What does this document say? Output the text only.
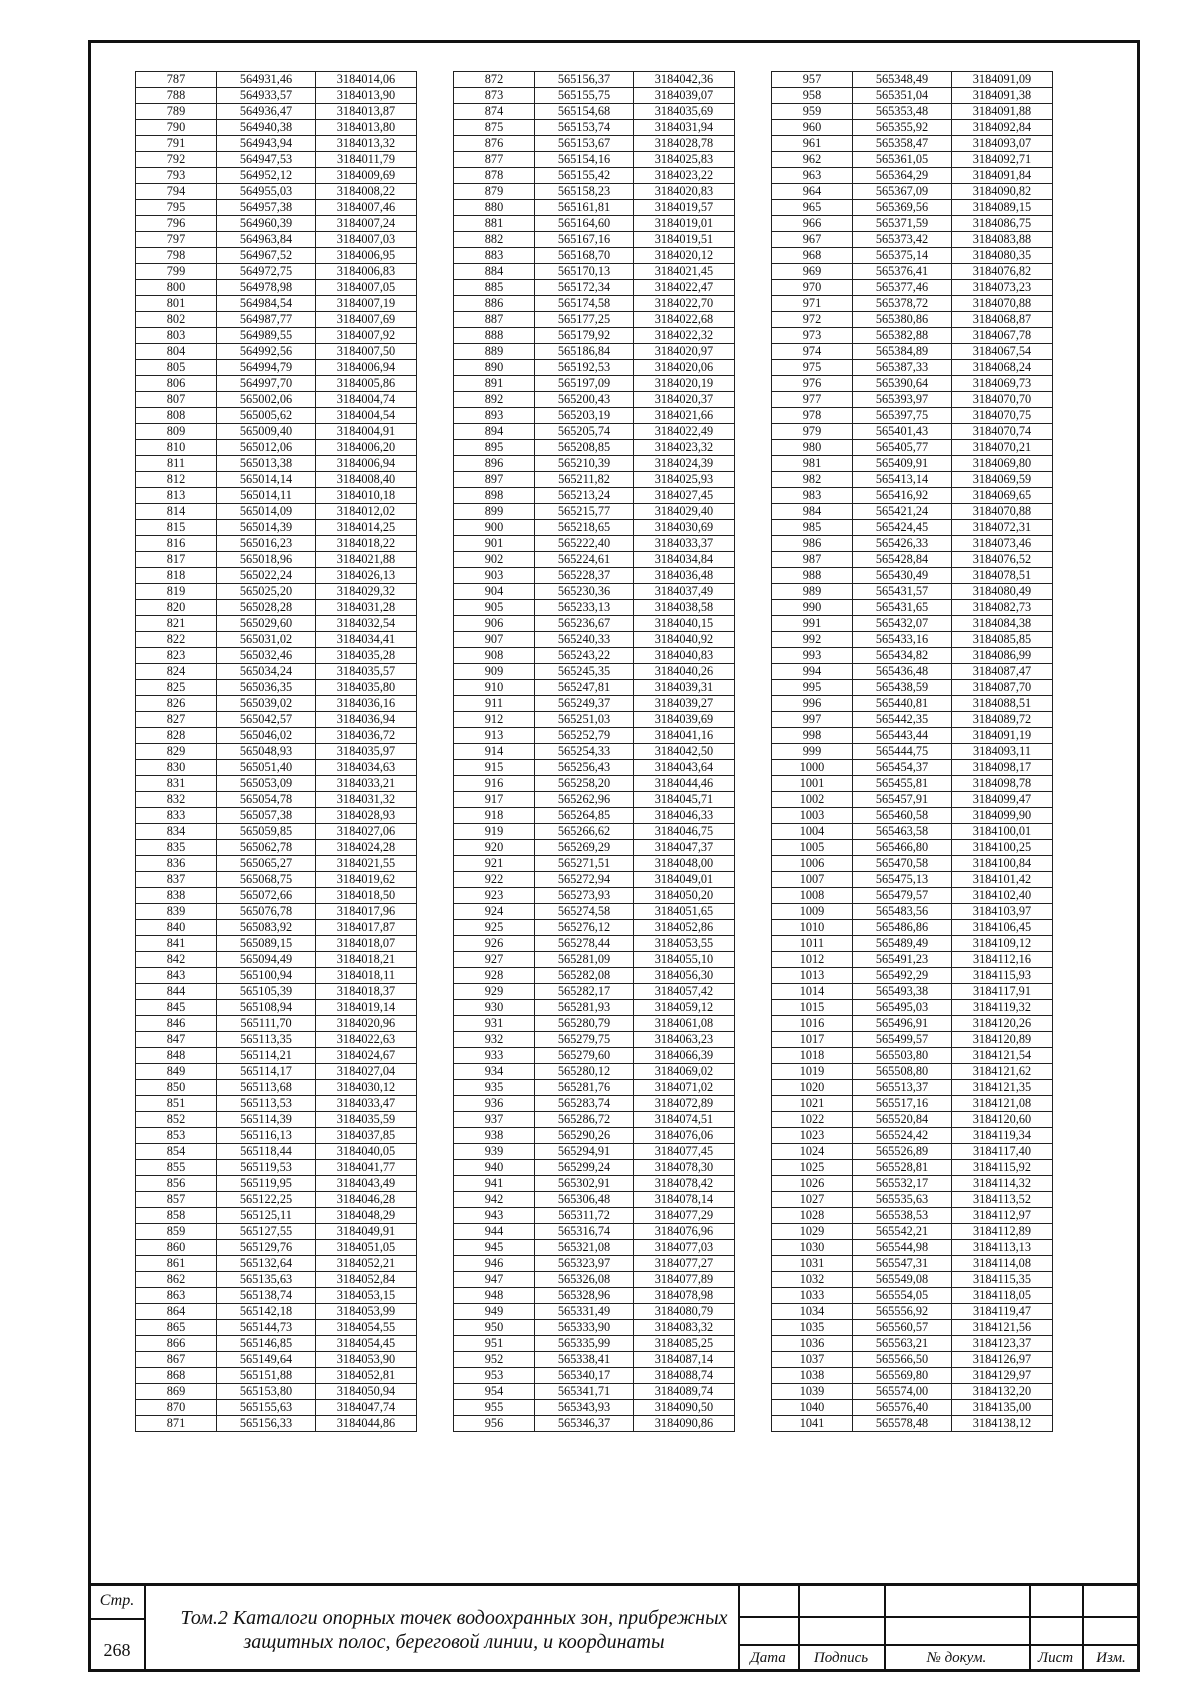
787	564931,46	3184014,06
788	564933,57	3184013,90
789	564936,47	3184013,87
790	564940,38	3184013,80
791	564943,94	3184013,32
792	564947,53	3184011,79
793	564952,12	3184009,69
794	564955,03	3184008,22
795	564957,38	3184007,46
796	564960,39	3184007,24
797	564963,84	3184007,03
798	564967,52	3184006,95
799	564972,75	3184006,83
800	564978,98	3184007,05
801	564984,54	3184007,19
802	564987,77	3184007,69
803	564989,55	3184007,92
804	564992,56	3184007,50
805	564994,79	3184006,94
806	564997,70	3184005,86
807	565002,06	3184004,74
808	565005,62	3184004,54
809	565009,40	3184004,91
810	565012,06	3184006,20
811	565013,38	3184006,94
812	565014,14	3184008,40
813	565014,11	3184010,18
814	565014,09	3184012,02
815	565014,39	3184014,25
816	565016,23	3184018,22
817	565018,96	3184021,88
818	565022,24	3184026,13
819	565025,20	3184029,32
820	565028,28	3184031,28
821	565029,60	3184032,54
822	565031,02	3184034,41
823	565032,46	3184035,28
824	565034,24	3184035,57
825	565036,35	3184035,80
826	565039,02	3184036,16
827	565042,57	3184036,94
828	565046,02	3184036,72
829	565048,93	3184035,97
830	565051,40	3184034,63
831	565053,09	3184033,21
832	565054,78	3184031,32
833	565057,38	3184028,93
834	565059,85	3184027,06
835	565062,78	3184024,28
836	565065,27	3184021,55
837	565068,75	3184019,62
838	565072,66	3184018,50
839	565076,78	3184017,96
840	565083,92	3184017,87
841	565089,15	3184018,07
842	565094,49	3184018,21
843	565100,94	3184018,11
844	565105,39	3184018,37
845	565108,94	3184019,14
846	565111,70	3184020,96
847	565113,35	3184022,63
848	565114,21	3184024,67
849	565114,17	3184027,04
850	565113,68	3184030,12
851	565113,53	3184033,47
852	565114,39	3184035,59
853	565116,13	3184037,85
854	565118,44	3184040,05
855	565119,53	3184041,77
856	565119,95	3184043,49
857	565122,25	3184046,28
858	565125,11	3184048,29
859	565127,55	3184049,91
860	565129,76	3184051,05
861	565132,64	3184052,21
862	565135,63	3184052,84
863	565138,74	3184053,15
864	565142,18	3184053,99
865	565144,73	3184054,55
866	565146,85	3184054,45
867	565149,64	3184053,90
868	565151,88	3184052,81
869	565153,80	3184050,94
870	565155,63	3184047,74
871	565156,33	3184044,86
872	565156,37	3184042,36
873	565155,75	3184039,07
874	565154,68	3184035,69
875	565153,74	3184031,94
876	565153,67	3184028,78
877	565154,16	3184025,83
878	565155,42	3184023,22
879	565158,23	3184020,83
880	565161,81	3184019,57
881	565164,60	3184019,01
882	565167,16	3184019,51
883	565168,70	3184020,12
884	565170,13	3184021,45
885	565172,34	3184022,47
886	565174,58	3184022,70
887	565177,25	3184022,68
888	565179,92	3184022,32
889	565186,84	3184020,97
890	565192,53	3184020,06
891	565197,09	3184020,19
892	565200,43	3184020,37
893	565203,19	3184021,66
894	565205,74	3184022,49
895	565208,85	3184023,32
896	565210,39	3184024,39
897	565211,82	3184025,93
898	565213,24	3184027,45
899	565215,77	3184029,40
900	565218,65	3184030,69
901	565222,40	3184033,37
902	565224,61	3184034,84
903	565228,37	3184036,48
904	565230,36	3184037,49
905	565233,13	3184038,58
906	565236,67	3184040,15
907	565240,33	3184040,92
908	565243,22	3184040,83
909	565245,35	3184040,26
910	565247,81	3184039,31
911	565249,37	3184039,27
912	565251,03	3184039,69
913	565252,79	3184041,16
914	565254,33	3184042,50
915	565256,43	3184043,64
916	565258,20	3184044,46
917	565262,96	3184045,71
918	565264,85	3184046,33
919	565266,62	3184046,75
920	565269,29	3184047,37
921	565271,51	3184048,00
922	565272,94	3184049,01
923	565273,93	3184050,20
924	565274,58	3184051,65
925	565276,12	3184052,86
926	565278,44	3184053,55
927	565281,09	3184055,10
928	565282,08	3184056,30
929	565282,17	3184057,42
930	565281,93	3184059,12
931	565280,79	3184061,08
932	565279,75	3184063,23
933	565279,60	3184066,39
934	565280,12	3184069,02
935	565281,76	3184071,02
936	565283,74	3184072,89
937	565286,72	3184074,51
938	565290,26	3184076,06
939	565294,91	3184077,45
940	565299,24	3184078,30
941	565302,91	3184078,42
942	565306,48	3184078,14
943	565311,72	3184077,29
944	565316,74	3184076,96
945	565321,08	3184077,03
946	565323,97	3184077,27
947	565326,08	3184077,89
948	565328,96	3184078,98
949	565331,49	3184080,79
950	565333,90	3184083,32
951	565335,99	3184085,25
952	565338,41	3184087,14
953	565340,17	3184088,74
954	565341,71	3184089,74
955	565343,93	3184090,50
956	565346,37	3184090,86
957	565348,49	3184091,09
958	565351,04	3184091,38
959	565353,48	3184091,88
960	565355,92	3184092,84
961	565358,47	3184093,07
962	565361,05	3184092,71
963	565364,29	3184091,84
964	565367,09	3184090,82
965	565369,56	3184089,15
966	565371,59	3184086,75
967	565373,42	3184083,88
968	565375,14	3184080,35
969	565376,41	3184076,82
970	565377,46	3184073,23
971	565378,72	3184070,88
972	565380,86	3184068,87
973	565382,88	3184067,78
974	565384,89	3184067,54
975	565387,33	3184068,24
976	565390,64	3184069,73
977	565393,97	3184070,70
978	565397,75	3184070,75
979	565401,43	3184070,74
980	565405,77	3184070,21
981	565409,91	3184069,80
982	565413,14	3184069,59
983	565416,92	3184069,65
984	565421,24	3184070,88
985	565424,45	3184072,31
986	565426,33	3184073,46
987	565428,84	3184076,52
988	565430,49	3184078,51
989	565431,57	3184080,49
990	565431,65	3184082,73
991	565432,07	3184084,38
992	565433,16	3184085,85
993	565434,82	3184086,99
994	565436,48	3184087,47
995	565438,59	3184087,70
996	565440,81	3184088,51
997	565442,35	3184089,72
998	565443,44	3184091,19
999	565444,75	3184093,11
1000	565454,37	3184098,17
1001	565455,81	3184098,78
1002	565457,91	3184099,47
1003	565460,58	3184099,90
1004	565463,58	3184100,01
1005	565466,80	3184100,25
1006	565470,58	3184100,84
1007	565475,13	3184101,42
1008	565479,57	3184102,40
1009	565483,56	3184103,97
1010	565486,86	3184106,45
1011	565489,49	3184109,12
1012	565491,23	3184112,16
1013	565492,29	3184115,93
1014	565493,38	3184117,91
1015	565495,03	3184119,32
1016	565496,91	3184120,26
1017	565499,57	3184120,89
1018	565503,80	3184121,54
1019	565508,80	3184121,62
1020	565513,37	3184121,35
1021	565517,16	3184121,08
1022	565520,84	3184120,60
1023	565524,42	3184119,34
1024	565526,89	3184117,40
1025	565528,81	3184115,92
1026	565532,17	3184114,32
1027	565535,63	3184113,52
1028	565538,53	3184112,97
1029	565542,21	3184112,89
1030	565544,98	3184113,13
1031	565547,31	3184114,08
1032	565549,08	3184115,35
1033	565554,05	3184118,05
1034	565556,92	3184119,47
1035	565560,57	3184121,56
1036	565563,21	3184123,37
1037	565566,50	3184126,97
1038	565569,80	3184129,97
1039	565574,00	3184132,20
1040	565576,40	3184135,00
1041	565578,48	3184138,12
Стр.
268
Том.2 Каталоги опорных точек водоохранных зон, прибрежных
защитных полос, береговой линии, и координаты
Дата	Подпись	№ докум.	Лист	Изм.
